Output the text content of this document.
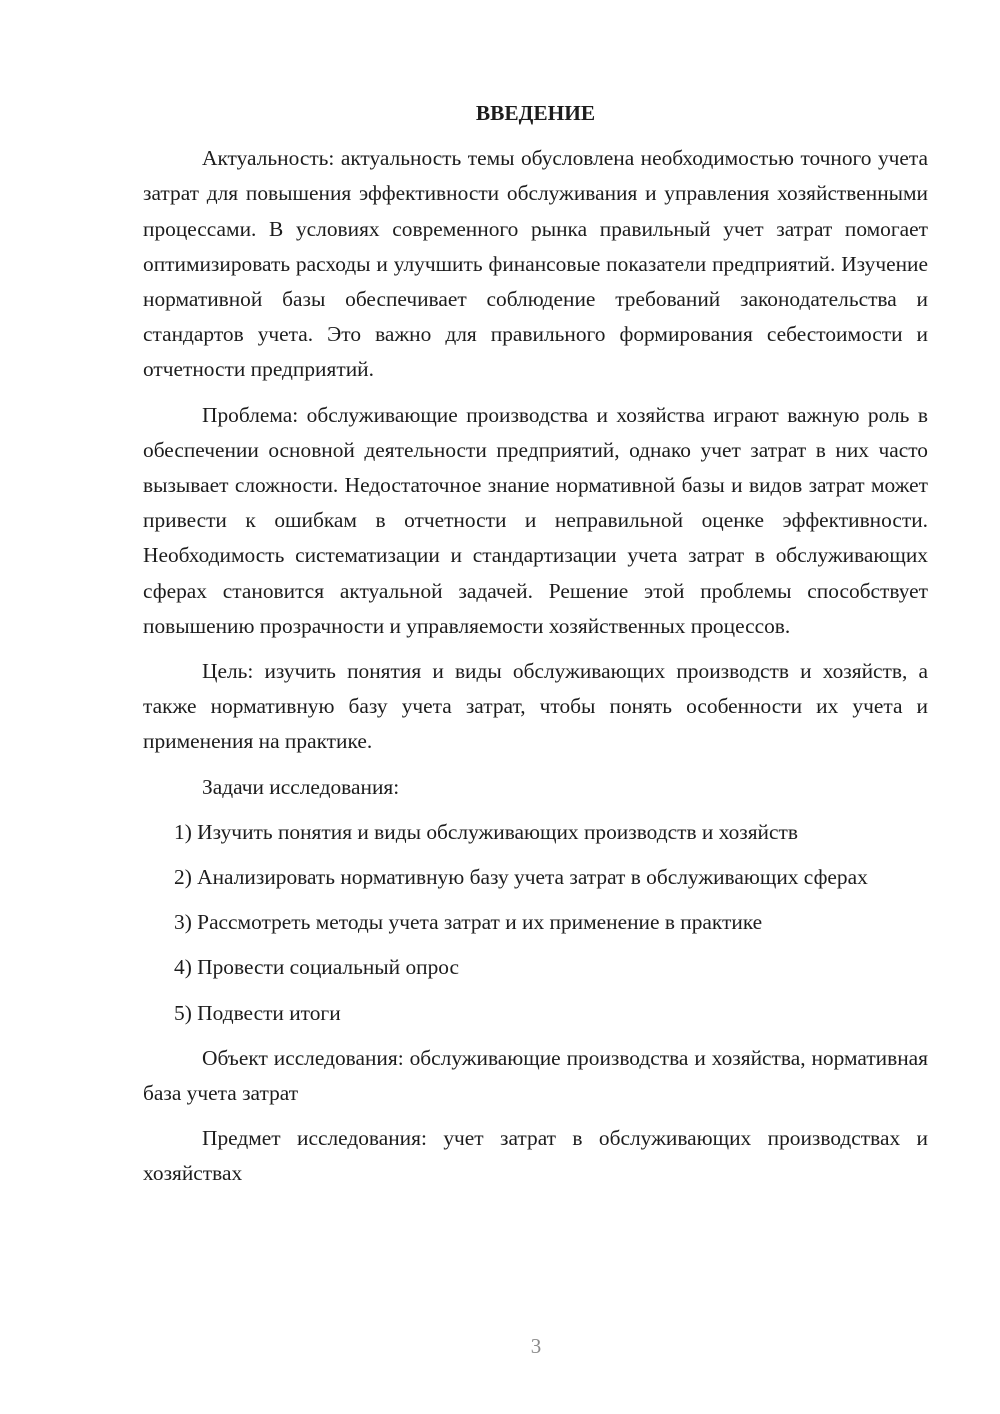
ВВЕДЕНИЕ

Актуальность: актуальность темы обусловлена необходимостью точного учета затрат для повышения эффективности обслуживания и управления хозяйственными процессами. В условиях современного рынка правильный учет затрат помогает оптимизировать расходы и улучшить финансовые показатели предприятий. Изучение нормативной базы обеспечивает соблюдение требований законодательства и стандартов учета. Это важно для правильного формирования себестоимости и отчетности предприятий.

Проблема: обслуживающие производства и хозяйства играют важную роль в обеспечении основной деятельности предприятий, однако учет затрат в них часто вызывает сложности. Недостаточное знание нормативной базы и видов затрат может привести к ошибкам в отчетности и неправильной оценке эффективности. Необходимость систематизации и стандартизации учета затрат в обслуживающих сферах становится актуальной задачей. Решение этой проблемы способствует повышению прозрачности и управляемости хозяйственных процессов.

Цель: изучить понятия и виды обслуживающих производств и хозяйств, а также нормативную базу учета затрат, чтобы понять особенности их учета и применения на практике.

Задачи исследования:

1) Изучить понятия и виды обслуживающих производств и хозяйств

2) Анализировать нормативную базу учета затрат в обслуживающих сферах

3) Рассмотреть методы учета затрат и их применение в практике

4) Провести социальный опрос

5) Подвести итоги

Объект исследования: обслуживающие производства и хозяйства, нормативная база учета затрат

Предмет исследования: учет затрат в обслуживающих производствах и хозяйствах

3
